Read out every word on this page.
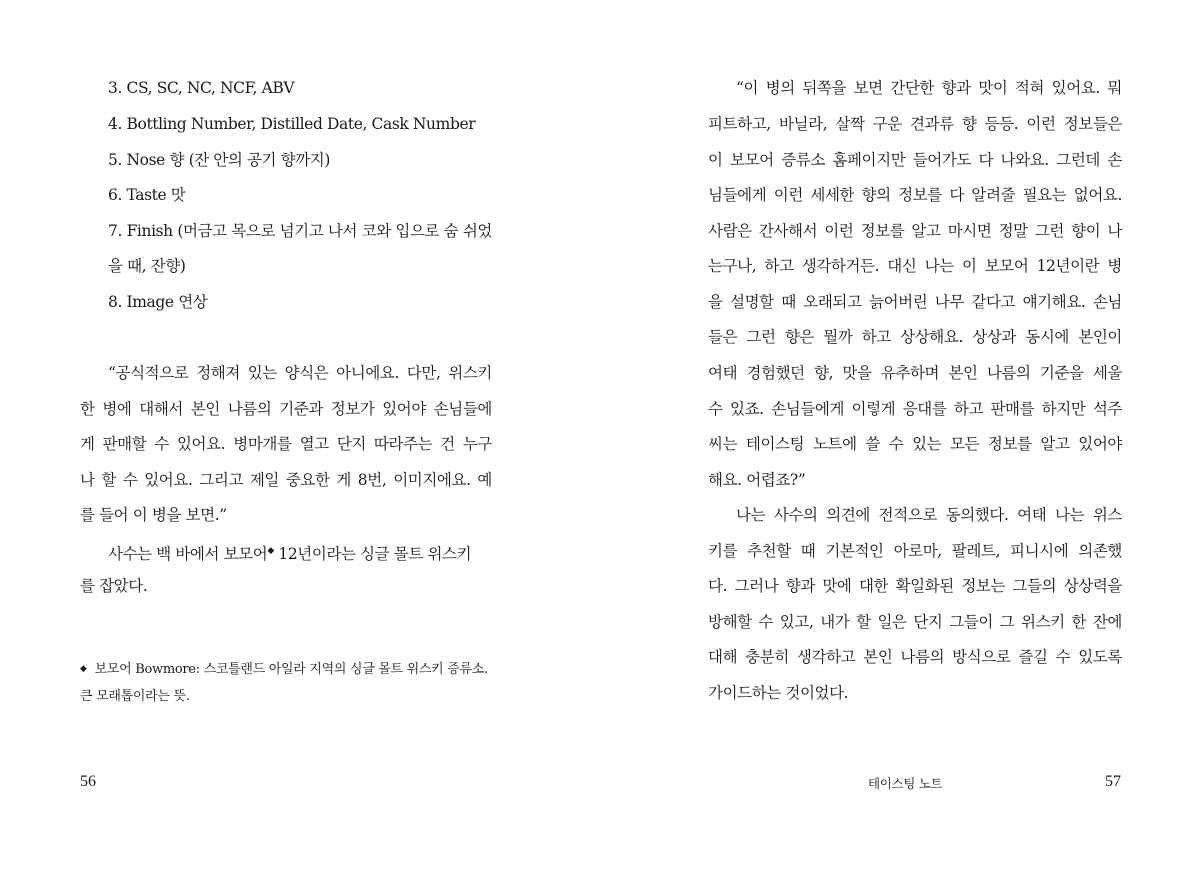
3. CS, SC, NC, NCF, ABV
4. Bottling Number, Distilled Date, Cask Number
5. Nose 향 (잔 안의 공기 향까지)
6. Taste 맛
7. Finish (머금고 목으로 넘기고 나서 코와 입으로 숨 쉬었
을 때, 잔향)
8. Image 연상
“공식적으로 정해져 있는 양식은 아니에요. 다만, 위스키
한 병에 대해서 본인 나름의 기준과 정보가 있어야 손님들에
게 판매할 수 있어요. 병마개를 열고 단지 따라주는 건 누구
나 할 수 있어요. 그리고 제일 중요한 게 8번, 이미지에요. 예
를 들어 이 병을 보면.”
사수는 백 바에서 보모어◆ 12년이라는 싱글 몰트 위스키
를 잡았다.
◆ 보모어 Bowmore: 스코틀랜드 아일라 지역의 싱글 몰트 위스키 증류소.
큰 모래톱이라는 뜻.
56
“이 병의 뒤쪽을 보면 간단한 향과 맛이 적혀 있어요. 뭐
피트하고, 바닐라, 살짝 구운 견과류 향 등등. 이런 정보들은
이 보모어 증류소 홈페이지만 들어가도 다 나와요. 그런데 손
님들에게 이런 세세한 향의 정보를 다 알려줄 필요는 없어요.
사람은 간사해서 이런 정보를 알고 마시면 정말 그런 향이 나
는구나, 하고 생각하거든. 대신 나는 이 보모어 12년이란 병
을 설명할 때 오래되고 늙어버린 나무 같다고 얘기해요. 손님
들은 그런 향은 뭘까 하고 상상해요. 상상과 동시에 본인이
여태 경험했던 향, 맛을 유추하며 본인 나름의 기준을 세울
수 있죠. 손님들에게 이렇게 응대를 하고 판매를 하지만 석주
씨는 테이스팅 노트에 쓸 수 있는 모든 정보를 알고 있어야
해요. 어렵죠?”
나는 사수의 의견에 전적으로 동의했다. 여태 나는 위스
키를 추천할 때 기본적인 아로마, 팔레트, 피니시에 의존했
다. 그러나 향과 맛에 대한 확일화된 정보는 그들의 상상력을
방해할 수 있고, 내가 할 일은 단지 그들이 그 위스키 한 잔에
대해 충분히 생각하고 본인 나름의 방식으로 즐길 수 있도록
가이드하는 것이었다.
테이스팅 노트	57
